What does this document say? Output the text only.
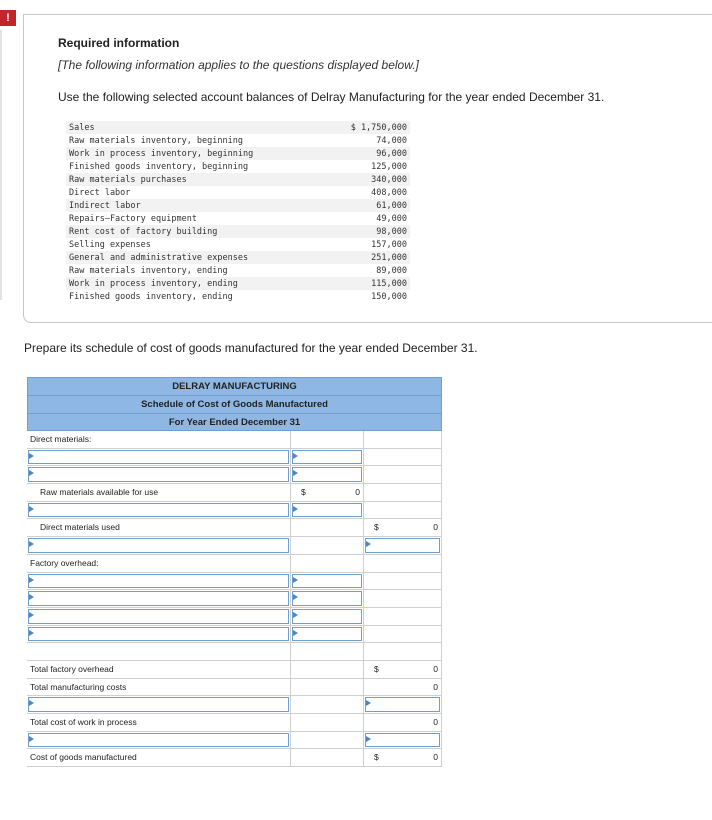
!
Required information
[The following information applies to the questions displayed below.]
Use the following selected account balances of Delray Manufacturing for the year ended December 31.
Sales	$ 1,750,000
Raw materials inventory, beginning	74,000
Work in process inventory, beginning	96,000
Finished goods inventory, beginning	125,000
Raw materials purchases	340,000
Direct labor	408,000
Indirect labor	61,000
Repairs—Factory equipment	49,000
Rent cost of factory building	98,000
Selling expenses	157,000
General and administrative expenses	251,000
Raw materials inventory, ending	89,000
Work in process inventory, ending	115,000
Finished goods inventory, ending	150,000
Prepare its schedule of cost of goods manufactured for the year ended December 31.
DELRAY MANUFACTURING
Schedule of Cost of Goods Manufactured
For Year Ended December 31
Direct materials:
Raw materials available for use	$	0
Direct materials used	$	0
Factory overhead:
Total factory overhead	$	0
Total manufacturing costs	0
Total cost of work in process	0
Cost of goods manufactured	$	0
